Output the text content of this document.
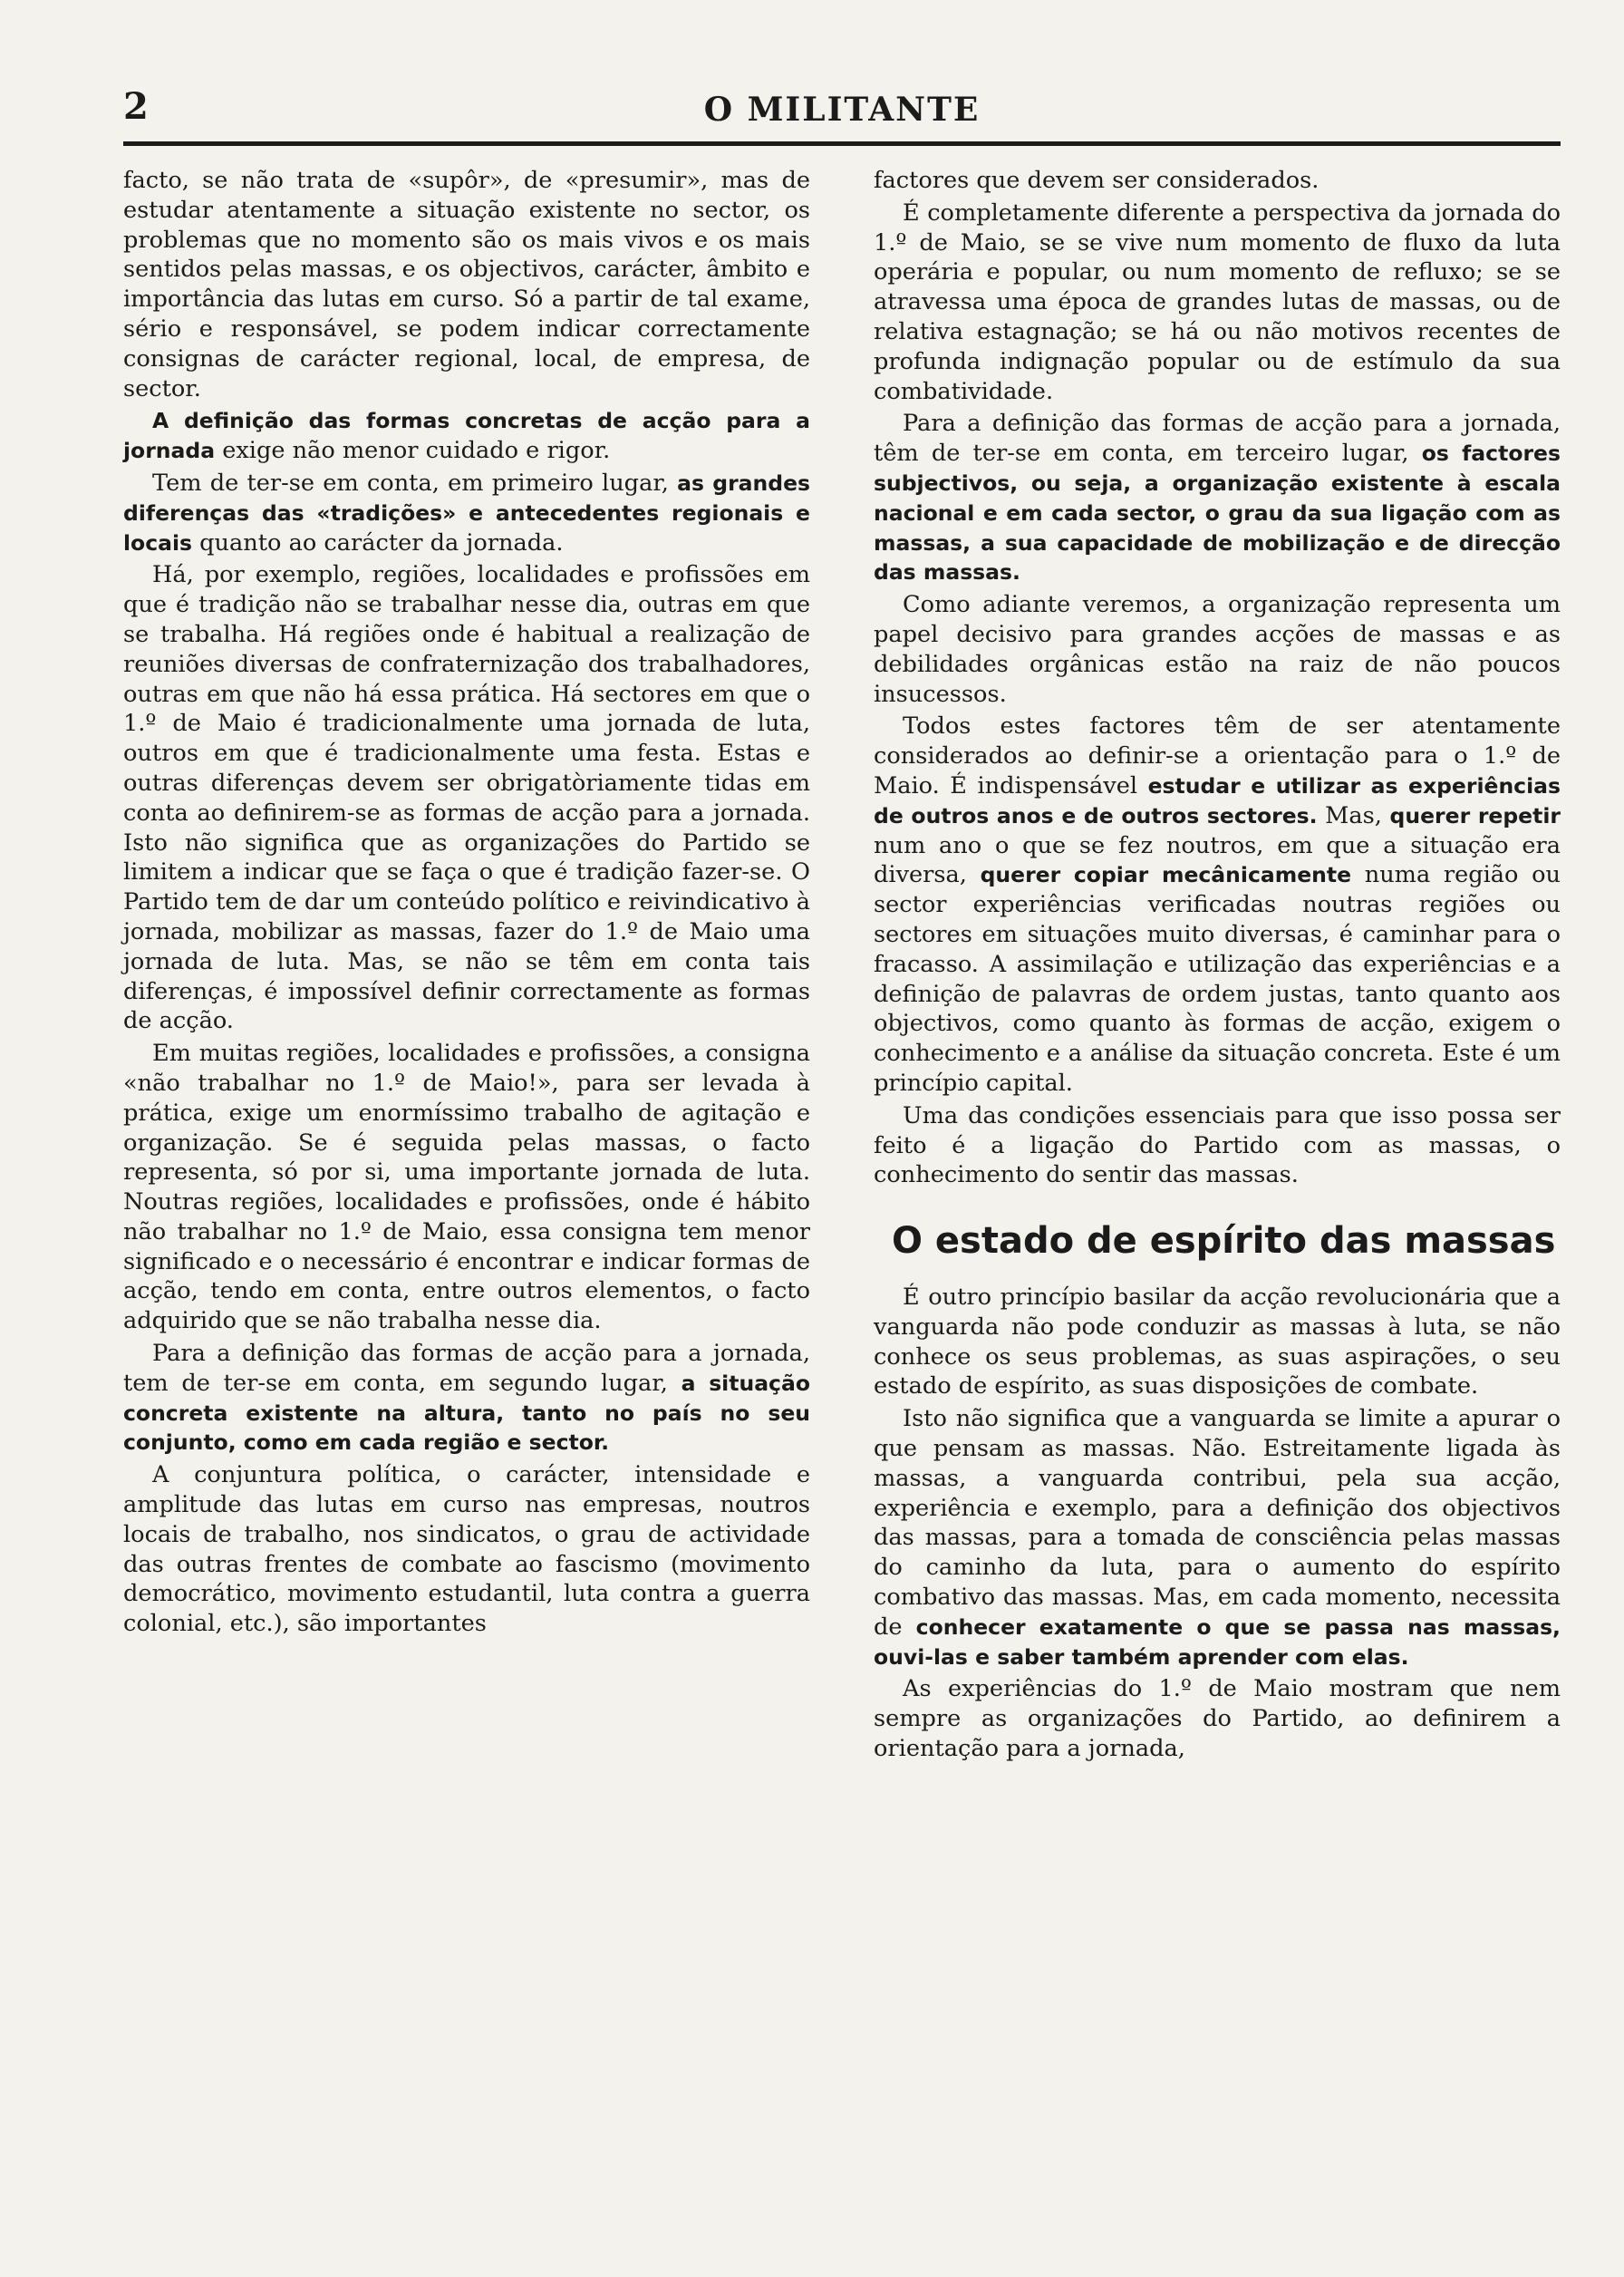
2	O MILITANTE

facto, se não trata de «supôr», de «presumir», mas de estudar atentamente a situação existente no sector, os problemas que no momento são os mais vivos e os mais sentidos pelas massas, e os objectivos, carácter, âmbito e importância das lutas em curso. Só a partir de tal exame, sério e responsável, se podem indicar correctamente consignas de carácter regional, local, de empresa, de sector.

A definição das formas concretas de acção para a jornada exige não menor cuidado e rigor.

Tem de ter-se em conta, em primeiro lugar, as grandes diferenças das «tradições» e antecedentes regionais e locais quanto ao carácter da jornada.

Há, por exemplo, regiões, localidades e profissões em que é tradição não se trabalhar nesse dia, outras em que se trabalha. Há regiões onde é habitual a realização de reuniões diversas de confraternização dos trabalhadores, outras em que não há essa prática. Há sectores em que o 1.º de Maio é tradicionalmente uma jornada de luta, outros em que é tradicionalmente uma festa. Estas e outras diferenças devem ser obrigatòriamente tidas em conta ao definirem-se as formas de acção para a jornada. Isto não significa que as organizações do Partido se limitem a indicar que se faça o que é tradição fazer-se. O Partido tem de dar um conteúdo político e reivindicativo à jornada, mobilizar as massas, fazer do 1.º de Maio uma jornada de luta. Mas, se não se têm em conta tais diferenças, é impossível definir correctamente as formas de acção.

Em muitas regiões, localidades e profissões, a consigna «não trabalhar no 1.º de Maio!», para ser levada à prática, exige um enormíssimo trabalho de agitação e organização. Se é seguida pelas massas, o facto representa, só por si, uma importante jornada de luta. Noutras regiões, localidades e profissões, onde é hábito não trabalhar no 1.º de Maio, essa consigna tem menor significado e o necessário é encontrar e indicar formas de acção, tendo em conta, entre outros elementos, o facto adquirido que se não trabalha nesse dia.

Para a definição das formas de acção para a jornada, tem de ter-se em conta, em segundo lugar, a situação concreta existente na altura, tanto no país no seu conjunto, como em cada região e sector.

A conjuntura política, o carácter, intensidade e amplitude das lutas em curso nas empresas, noutros locais de trabalho, nos sindicatos, o grau de actividade das outras frentes de combate ao fascismo (movimento democrático, movimento estudantil, luta contra a guerra colonial, etc.), são importantes

factores que devem ser considerados.

É completamente diferente a perspectiva da jornada do 1.º de Maio, se se vive num momento de fluxo da luta operária e popular, ou num momento de refluxo; se se atravessa uma época de grandes lutas de massas, ou de relativa estagnação; se há ou não motivos recentes de profunda indignação popular ou de estímulo da sua combatividade.

Para a definição das formas de acção para a jornada, têm de ter-se em conta, em terceiro lugar, os factores subjectivos, ou seja, a organização existente à escala nacional e em cada sector, o grau da sua ligação com as massas, a sua capacidade de mobilização e de direcção das massas.

Como adiante veremos, a organização representa um papel decisivo para grandes acções de massas e as debilidades orgânicas estão na raiz de não poucos insucessos.

Todos estes factores têm de ser atentamente considerados ao definir-se a orientação para o 1.º de Maio. É indispensável estudar e utilizar as experiências de outros anos e de outros sectores. Mas, querer repetir num ano o que se fez noutros, em que a situação era diversa, querer copiar mecânicamente numa região ou sector experiências verificadas noutras regiões ou sectores em situações muito diversas, é caminhar para o fracasso. A assimilação e utilização das experiências e a definição de palavras de ordem justas, tanto quanto aos objectivos, como quanto às formas de acção, exigem o conhecimento e a análise da situação concreta. Este é um princípio capital.

Uma das condições essenciais para que isso possa ser feito é a ligação do Partido com as massas, o conhecimento do sentir das massas.

O estado de espírito das massas

É outro princípio basilar da acção revolucionária que a vanguarda não pode conduzir as massas à luta, se não conhece os seus problemas, as suas aspirações, o seu estado de espírito, as suas disposições de combate.

Isto não significa que a vanguarda se limite a apurar o que pensam as massas. Não. Estreitamente ligada às massas, a vanguarda contribui, pela sua acção, experiência e exemplo, para a definição dos objectivos das massas, para a tomada de consciência pelas massas do caminho da luta, para o aumento do espírito combativo das massas. Mas, em cada momento, necessita de conhecer exatamente o que se passa nas massas, ouvi-las e saber também aprender com elas.

As experiências do 1.º de Maio mostram que nem sempre as organizações do Partido, ao definirem a orientação para a jornada,
